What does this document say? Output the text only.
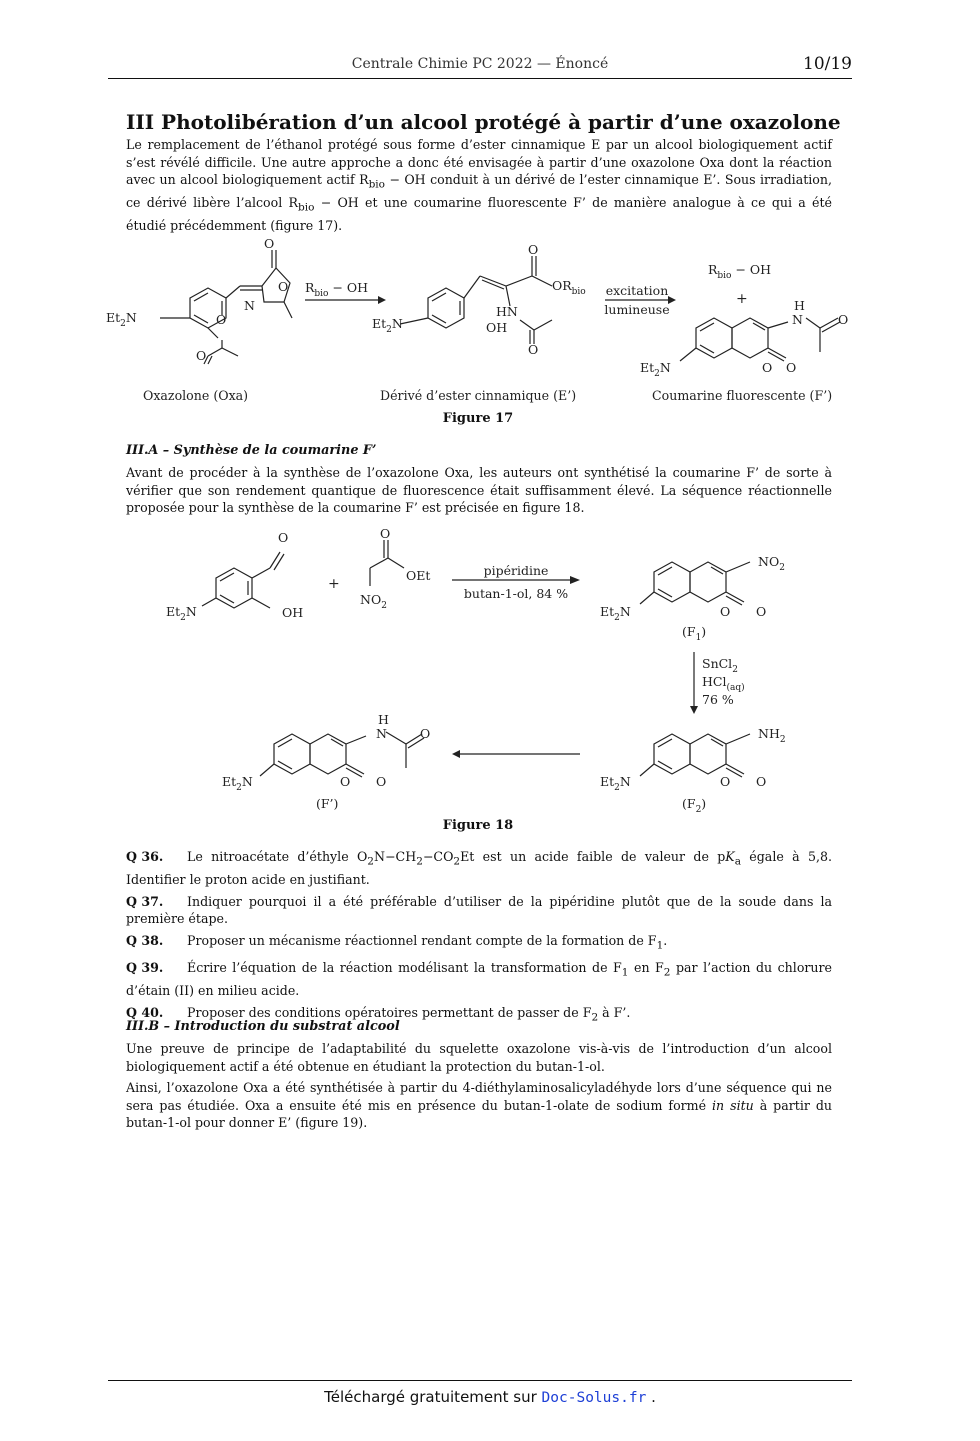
Centrale Chimie PC 2022 — Énoncé	10/19
III Photolibération d’un alcool protégé à partir d’une oxazolone
Le remplacement de l’éthanol protégé sous forme d’ester cinnamique E par un alcool biologiquement actif s’est révélé difficile. Une autre approche a donc été envisagée à partir d’une oxazolone Oxa dont la réaction avec un alcool biologiquement actif $R_{bio}$ − OH conduit à un dérivé de l’ester cinnamique E’. Sous irradiation, ce dérivé libère l’alcool $R_{bio}$ − OH et une coumarine fluorescente F’ de manière analogue à ce qui a été étudié précédemment (figure 17).
$Et_2N$	O
O
O
O
N
$R_{bio}$ − OH
$Et_2N$	OH
HN
O
O
$OR_{bio}$ excitation
lumineuse
$R_{bio}$ − OH
+
$Et_2N$	O O
H
N	O
Oxazolone (Oxa)	Dérivé d’ester cinnamique (E’)	Coumarine fluorescente (F’)
Figure 17
III.A – Synthèse de la coumarine F’
Avant de procéder à la synthèse de l’oxazolone Oxa, les auteurs ont synthétisé la coumarine F’ de sorte à vérifier que son rendement quantique de fluorescence était suffisamment élevé. La séquence réactionnelle proposée pour la synthèse de la coumarine F’ est précisée en figure 18.
$Et_2N$	OH
O
+
O
OEt
$NO_2$
pipéridine
butan-1-ol, 84 %
$Et_2N$	O O
$NO_2$
$(F_1)$
SnCl$_2$
HCl$_{(aq)}$
76 %
$NH_2$
$Et_2N$	O O
$(F_2)$
$Et_2N$	O O
H
N	O
(F’)
Figure 18
Q 36. Le nitroacétate d’éthyle $O_2N-CH_2-CO_2Et$ est un acide faible de valeur de $pK_a$ égale à 5,8. Identifier le proton acide en justifiant.
Q 37. Indiquer pourquoi il a été préférable d’utiliser de la pipéridine plutôt que de la soude dans la première étape.
Q 38. Proposer un mécanisme réactionnel rendant compte de la formation de $F_1$.
Q 39. Écrire l’équation de la réaction modélisant la transformation de $F_1$ en $F_2$ par l’action du chlorure d’étain (II) en milieu acide.
Q 40. Proposer des conditions opératoires permettant de passer de $F_2$ à F’.
III.B – Introduction du substrat alcool

Une preuve de principe de l’adaptabilité du squelette oxazolone vis-à-vis de l’introduction d’un alcool biologiquement actif a été obtenue en étudiant la protection du butan-1-ol.

Ainsi, l’oxazolone Oxa a été synthétisée à partir du 4-diéthylaminosalicyladéhyde lors d’une séquence qui ne sera pas étudiée. Oxa a ensuite été mis en présence du butan-1-olate de sodium formé in situ à partir du butan-1-ol pour donner E’ (figure 19).

Téléchargé gratuitement sur Doc-Solus.fr .
